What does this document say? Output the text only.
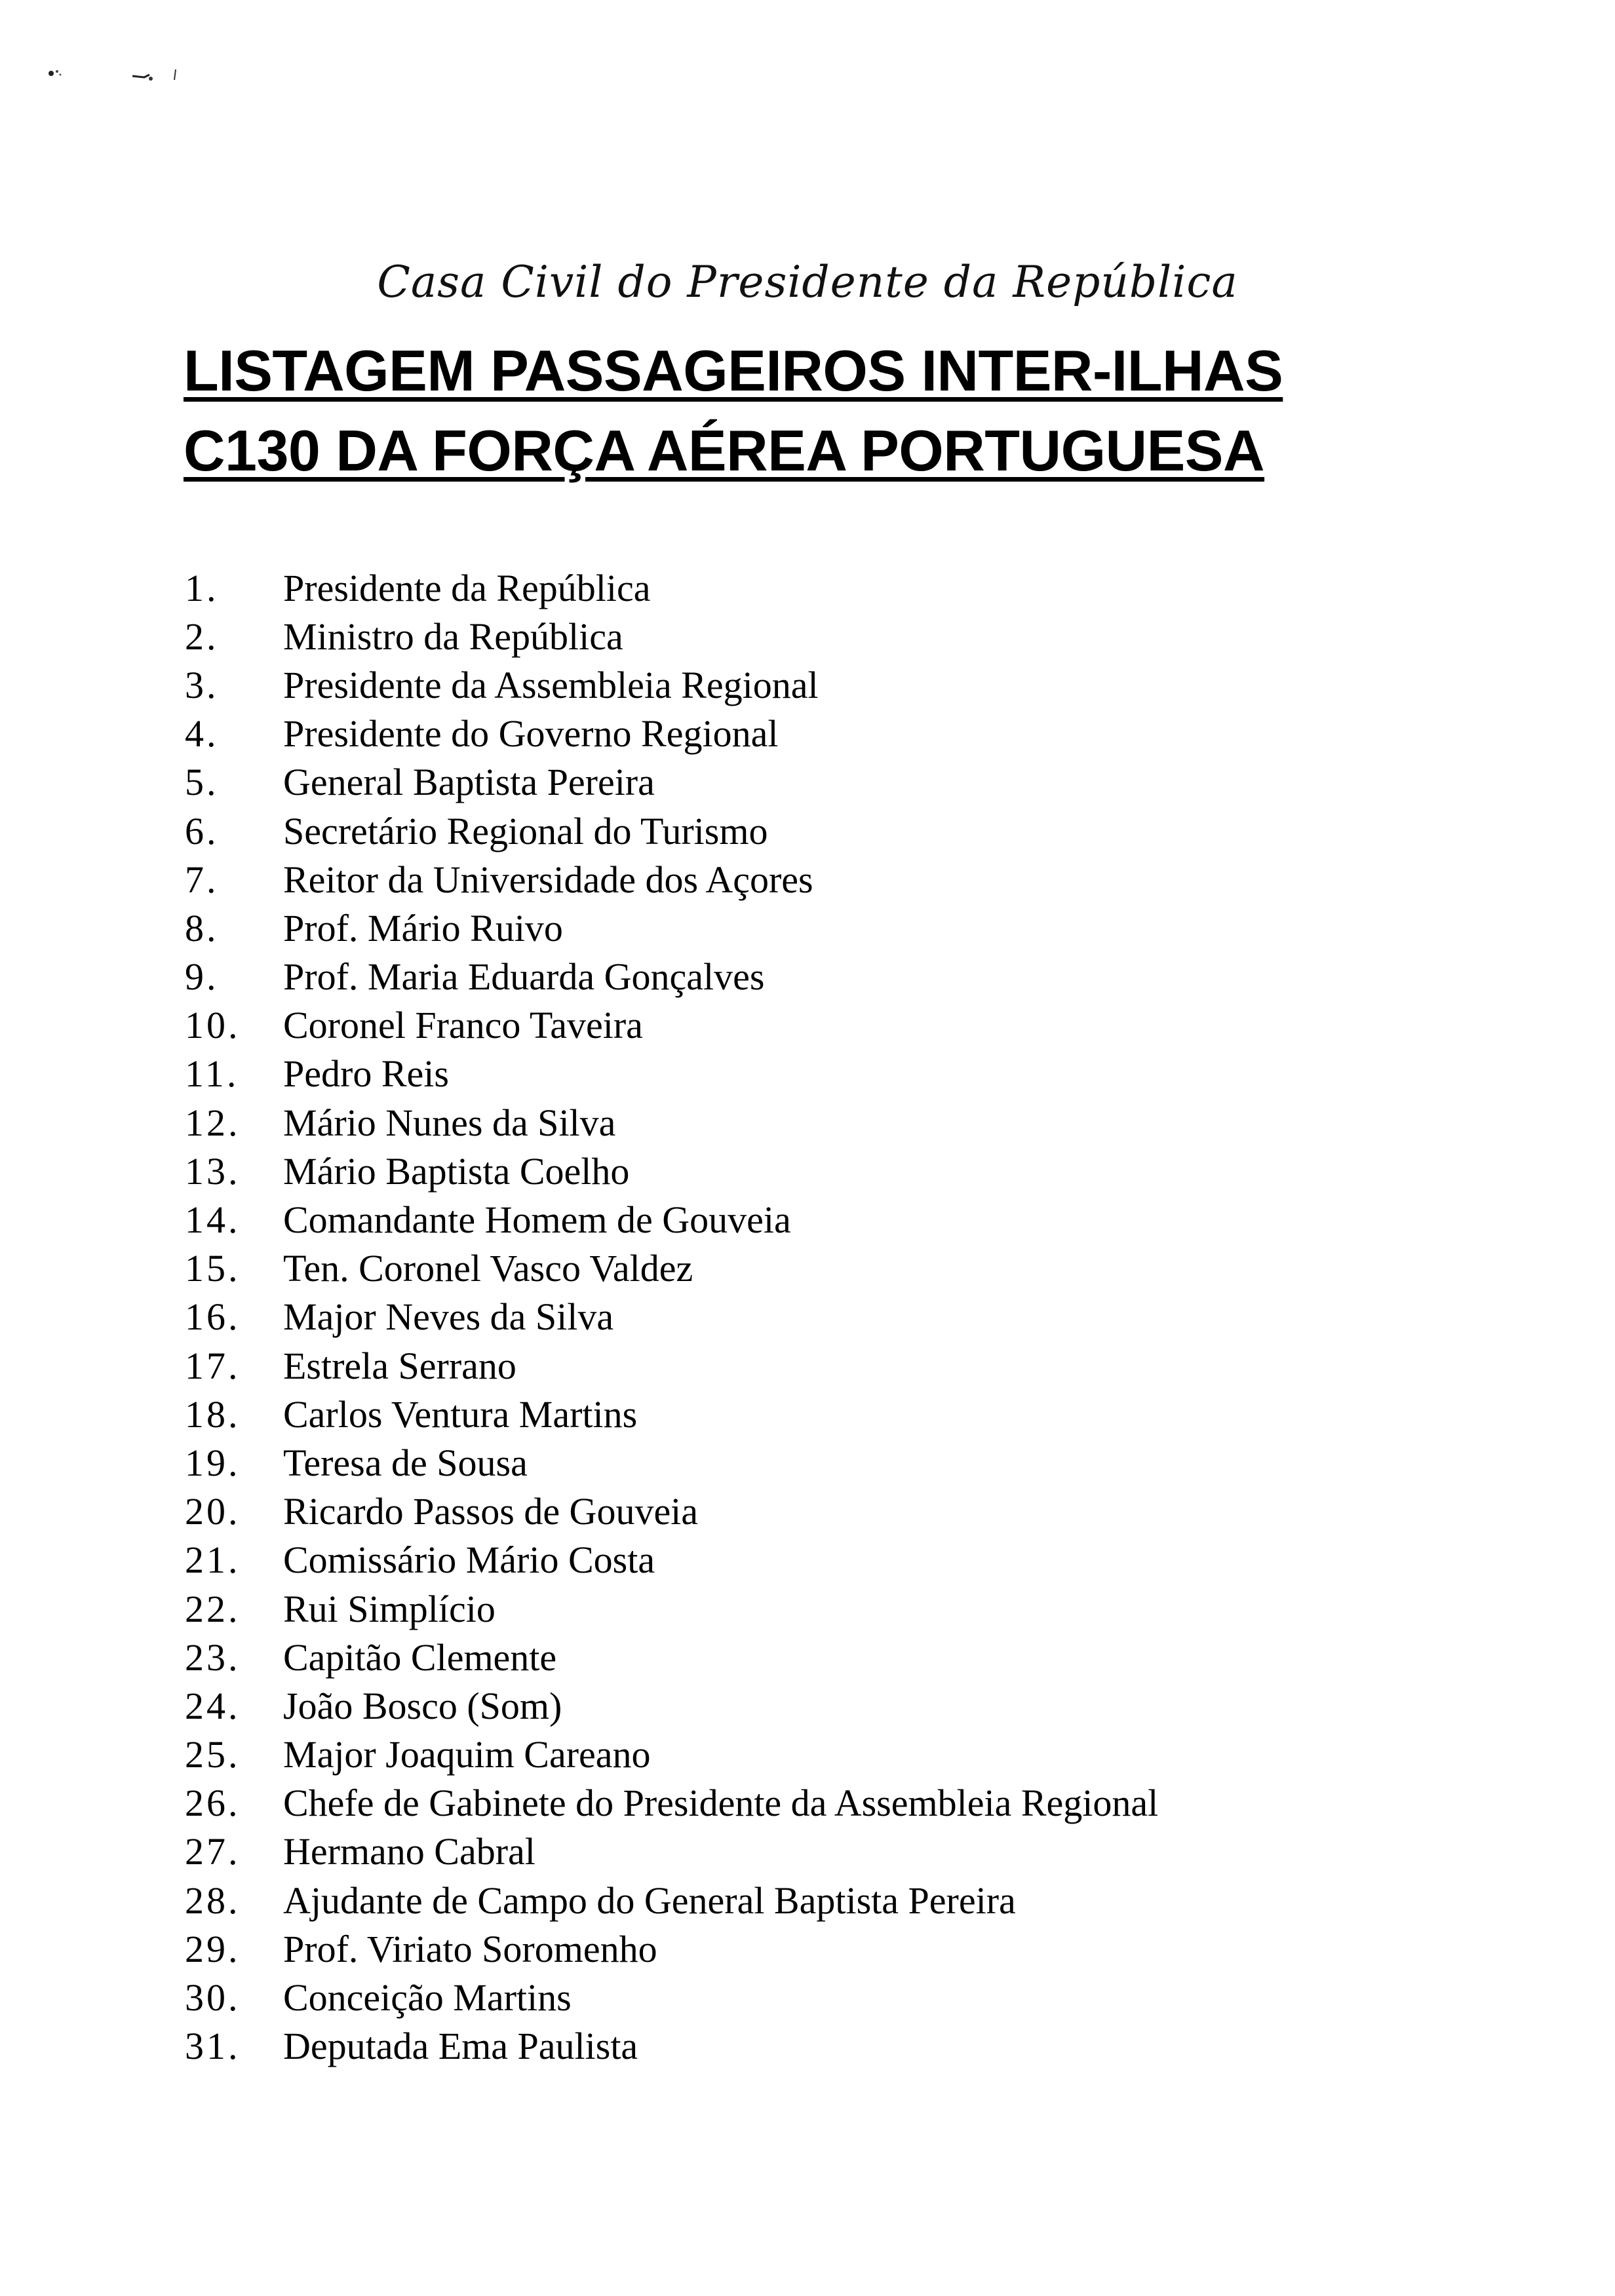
Casa Civil do Presidente da República
LISTAGEM PASSAGEIROS INTER-ILHAS
C130 DA FORÇA AÉREA PORTUGUESA
1.	Presidente da República
2.	Ministro da República
3.	Presidente da Assembleia Regional
4.	Presidente do Governo Regional
5.	General Baptista Pereira
6.	Secretário Regional do Turismo
7.	Reitor da Universidade dos Açores
8.	Prof. Mário Ruivo
9.	Prof. Maria Eduarda Gonçalves
10.	Coronel Franco Taveira
11.	Pedro Reis
12.	Mário Nunes da Silva
13.	Mário Baptista Coelho
14.	Comandante Homem de Gouveia
15.	Ten. Coronel Vasco Valdez
16.	Major Neves da Silva
17.	Estrela Serrano
18.	Carlos Ventura Martins
19.	Teresa de Sousa
20.	Ricardo Passos de Gouveia
21.	Comissário Mário Costa
22.	Rui Simplício
23.	Capitão Clemente
24.	João Bosco (Som)
25.	Major Joaquim Careano
26.	Chefe de Gabinete do Presidente da Assembleia Regional
27.	Hermano Cabral
28.	Ajudante de Campo do General Baptista Pereira
29.	Prof. Viriato Soromenho
30.	Conceição Martins
31.	Deputada Ema Paulista
